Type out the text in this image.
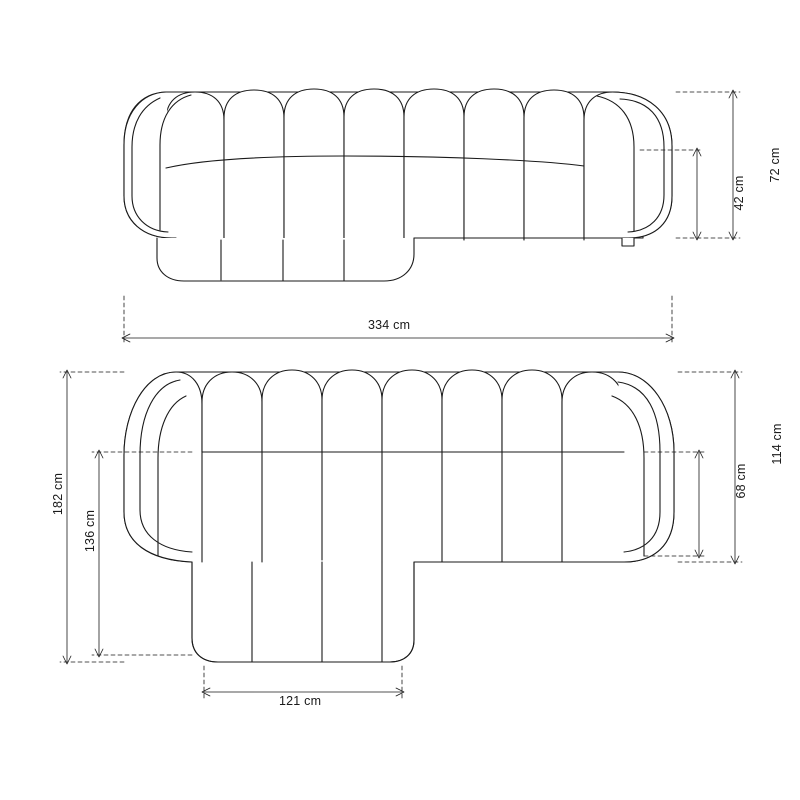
72 cm
42 cm
334 cm
182 cm
136 cm
114 cm
68 cm
121 cm
